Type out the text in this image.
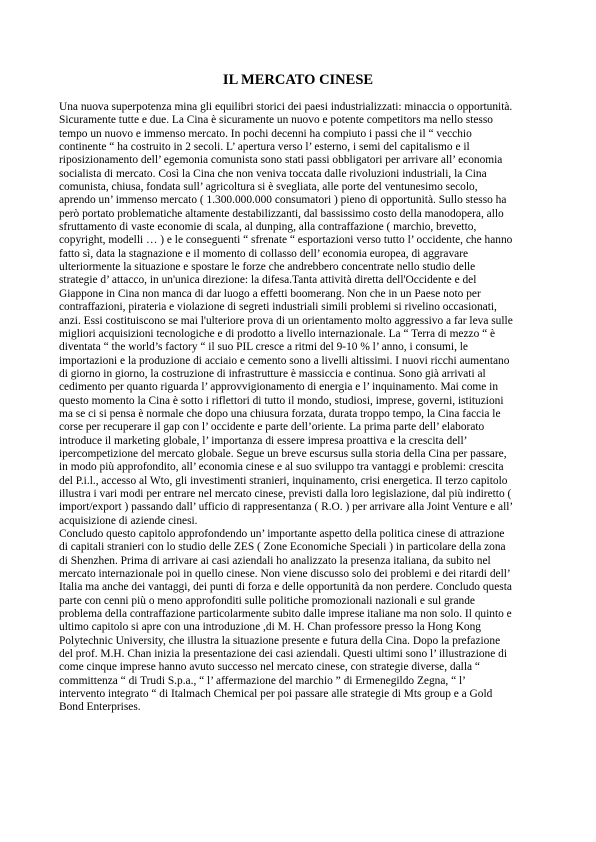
IL MERCATO CINESE
Una nuova superpotenza mina gli equilibri storici dei paesi industrializzati: minaccia o opportunità.
Sicuramente tutte e due. La Cina è sicuramente un nuovo e potente competitors ma nello stesso
tempo un nuovo e immenso mercato. In pochi decenni ha compiuto i passi che il “ vecchio
continente “ ha costruito in 2 secoli. L’ apertura verso l’ esterno, i semi del capitalismo e il
riposizionamento dell’ egemonia comunista sono stati passi obbligatori per arrivare all’ economia
socialista di mercato. Così la Cina che non veniva toccata dalle rivoluzioni industriali, la Cina
comunista, chiusa, fondata sull’ agricoltura si è svegliata, alle porte del ventunesimo secolo,
aprendo un’ immenso mercato ( 1.300.000.000 consumatori ) pieno di opportunità. Sullo stesso ha
però portato problematiche altamente destabilizzanti, dal bassissimo costo della manodopera, allo
sfruttamento di vaste economie di scala, al dunping, alla contraffazione ( marchio, brevetto,
copyright, modelli … ) e le conseguenti “ sfrenate “ esportazioni verso tutto l’ occidente, che hanno
fatto sì, data la stagnazione e il momento di collasso dell’ economia europea, di aggravare
ulteriormente la situazione e spostare le forze che andrebbero concentrate nello studio delle
strategie d’ attacco, in un'unica direzione: la difesa.Tanta attività diretta dell'Occidente e del
Giappone in Cina non manca di dar luogo a effetti boomerang. Non che in un Paese noto per
contraffazioni, pirateria e violazione di segreti industriali simili problemi si rivelino occasionati,
anzi. Essi costituiscono se mai l'ulteriore prova di un orientamento molto aggressivo a far leva sulle
migliori acquisizioni tecnologiche e di prodotto a livello internazionale. La “ Terra di mezzo “ è
diventata “ the world’s factory “ il suo PIL cresce a ritmi del 9-10 % l’ anno, i consumi, le
importazioni e la produzione di acciaio e cemento sono a livelli altissimi. I nuovi ricchi aumentano
di giorno in giorno, la costruzione di infrastrutture è massiccia e continua. Sono già arrivati al
cedimento per quanto riguarda l’ approvvigionamento di energia e l’ inquinamento. Mai come in
questo momento la Cina è sotto i riflettori di tutto il mondo, studiosi, imprese, governi, istituzioni
ma se ci si pensa è normale che dopo una chiusura forzata, durata troppo tempo, la Cina faccia le
corse per recuperare il gap con l’ occidente e parte dell’oriente. La prima parte dell’ elaborato
introduce il marketing globale, l’ importanza di essere impresa proattiva e la crescita dell’
ipercompetizione del mercato globale. Segue un breve escursus sulla storia della Cina per passare,
in modo più approfondito, all’ economia cinese e al suo sviluppo tra vantaggi e problemi: crescita
del P.i.l., accesso al Wto, gli investimenti stranieri, inquinamento, crisi energetica. Il terzo capitolo
illustra i vari modi per entrare nel mercato cinese, previsti dalla loro legislazione, dal più indiretto (
import/export ) passando dall’ ufficio di rappresentanza ( R.O. ) per arrivare alla Joint Venture e all’
acquisizione di aziende cinesi.
Concludo questo capitolo approfondendo un’ importante aspetto della politica cinese di attrazione
di capitali stranieri con lo studio delle ZES ( Zone Economiche Speciali ) in particolare della zona
di Shenzhen. Prima di arrivare ai casi aziendali ho analizzato la presenza italiana, da subito nel
mercato internazionale poi in quello cinese. Non viene discusso solo dei problemi e dei ritardi dell’
Italia ma anche dei vantaggi, dei punti di forza e delle opportunità da non perdere. Concludo questa
parte con cenni più o meno approfonditi sulle politiche promozionali nazionali e sul grande
problema della contraffazione particolarmente subito dalle imprese italiane ma non solo. Il quinto e
ultimo capitolo si apre con una introduzione ,di M. H. Chan professore presso la Hong Kong
Polytechnic University, che illustra la situazione presente e futura della Cina. Dopo la prefazione
del prof. M.H. Chan inizia la presentazione dei casi aziendali. Questi ultimi sono l’ illustrazione di
come cinque imprese hanno avuto successo nel mercato cinese, con strategie diverse, dalla “
committenza “ di Trudi S.p.a., “ l’ affermazione del marchio ” di Ermenegildo Zegna, “ l’
intervento integrato “ di Italmach Chemical per poi passare alle strategie di Mts group e a Gold
Bond Enterprises.
